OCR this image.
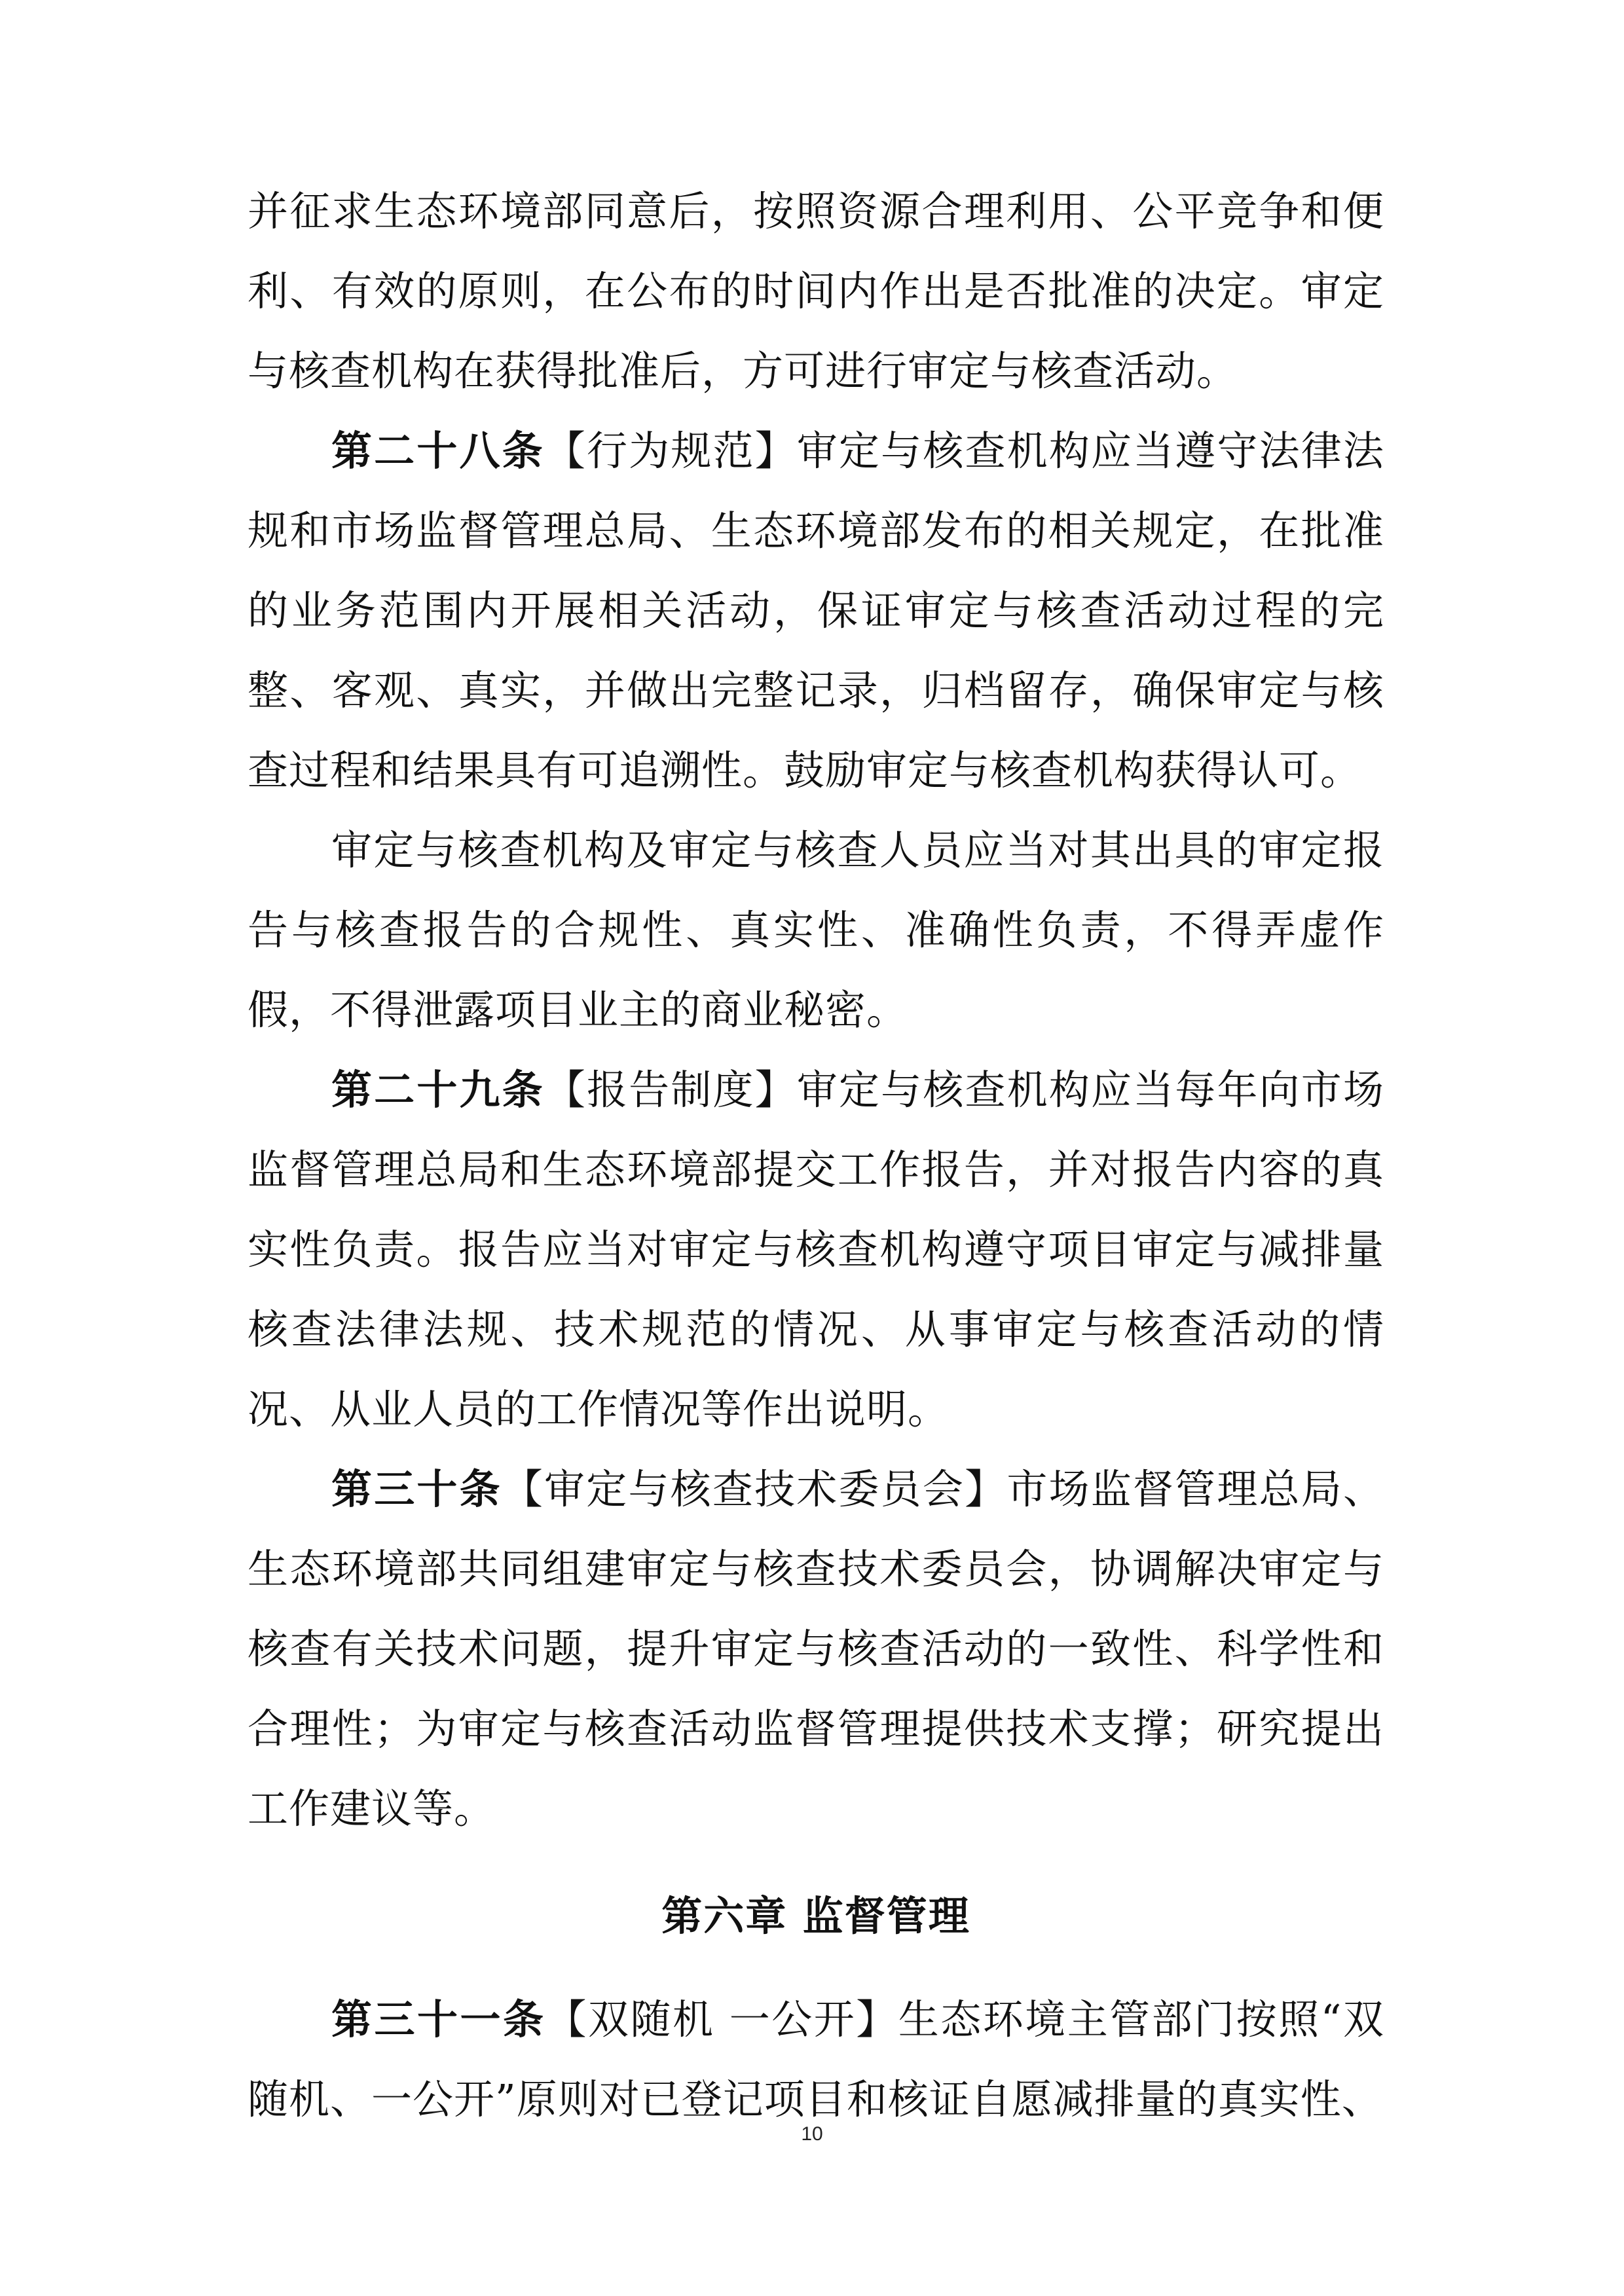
并征求生态环境部同意后，按照资源合理利用、公平竞争和便利、有效的原则，在公布的时间内作出是否批准的决定。审定与核查机构在获得批准后，方可进行审定与核查活动。

第二十八条【行为规范】审定与核查机构应当遵守法律法规和市场监督管理总局、生态环境部发布的相关规定，在批准的业务范围内开展相关活动，保证审定与核查活动过程的完整、客观、真实，并做出完整记录，归档留存，确保审定与核查过程和结果具有可追溯性。鼓励审定与核查机构获得认可。

审定与核查机构及审定与核查人员应当对其出具的审定报告与核查报告的合规性、真实性、准确性负责，不得弄虚作假，不得泄露项目业主的商业秘密。

第二十九条【报告制度】审定与核查机构应当每年向市场监督管理总局和生态环境部提交工作报告，并对报告内容的真实性负责。报告应当对审定与核查机构遵守项目审定与减排量核查法律法规、技术规范的情况、从事审定与核查活动的情况、从业人员的工作情况等作出说明。

第三十条【审定与核查技术委员会】市场监督管理总局、生态环境部共同组建审定与核查技术委员会，协调解决审定与核查有关技术问题，提升审定与核查活动的一致性、科学性和合理性；为审定与核查活动监督管理提供技术支撑；研究提出工作建议等。

第六章 监督管理

第三十一条【双随机 一公开】生态环境主管部门按照“双随机、一公开”原则对已登记项目和核证自愿减排量的真实性、

10
